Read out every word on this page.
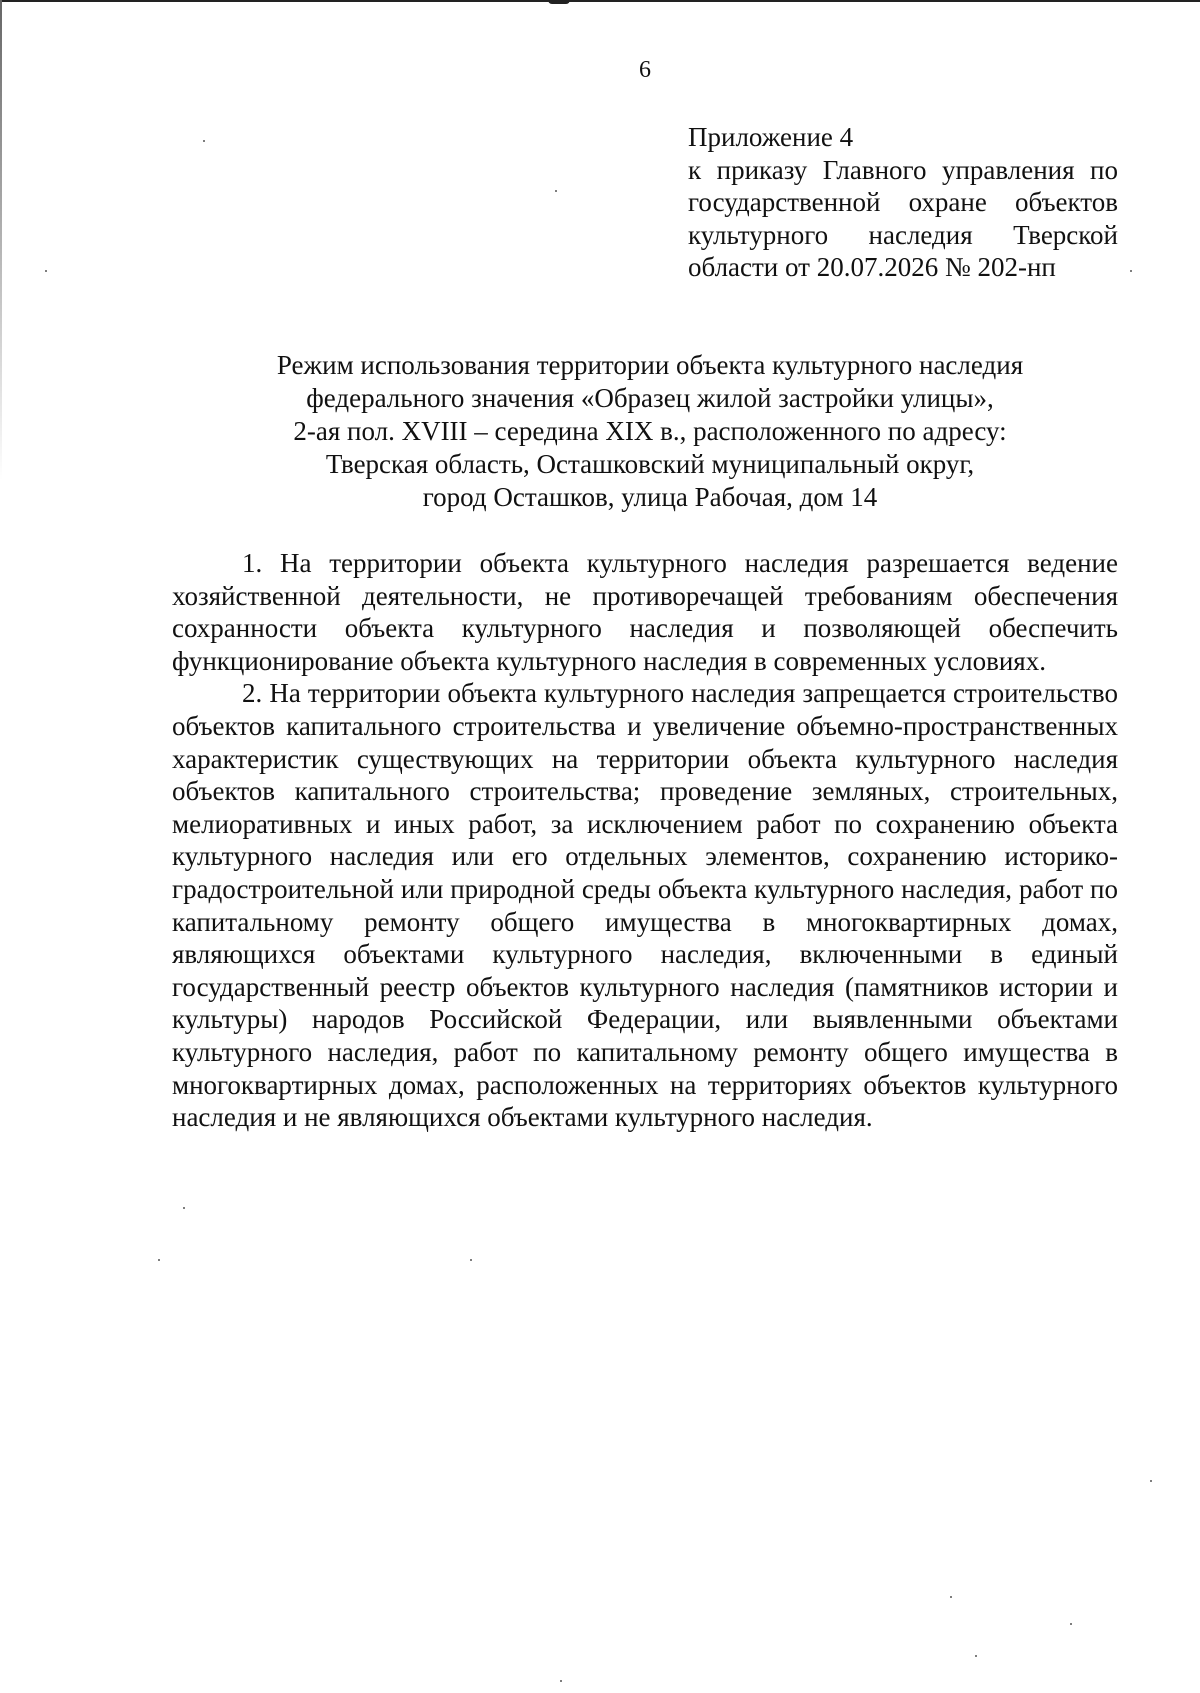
6
Приложение 4
к приказу Главного управления по
государственной охране объектов
культурного наследия Тверской
области от 20.07.2026 № 202-нп
Режим использования территории объекта культурного наследия
федерального значения «Образец жилой застройки улицы»,
2-ая пол. XVIII – середина XIX в., расположенного по адресу:
Тверская область, Осташковский муниципальный округ,
город Осташков, улица Рабочая, дом 14

1. На территории объекта культурного наследия разрешается ведение хозяйственной деятельности, не противоречащей требованиям обеспечения сохранности объекта культурного наследия и позволяющей обеспечить функционирование объекта культурного наследия в современных условиях.

2. На территории объекта культурного наследия запрещается строительство объектов капитального строительства и увеличение объемно-пространственных характеристик существующих на территории объекта культурного наследия объектов капитального строительства; проведение земляных, строительных, мелиоративных и иных работ, за исключением работ по сохранению объекта культурного наследия или его отдельных элементов, сохранению историко-градостроительной или природной среды объекта культурного наследия, работ по капитальному ремонту общего имущества в многоквартирных домах, являющихся объектами культурного наследия, включенными в единый государственный реестр объектов культурного наследия (памятников истории и культуры) народов Российской Федерации, или выявленными объектами культурного наследия, работ по капитальному ремонту общего имущества в многоквартирных домах, расположенных на территориях объектов культурного наследия и не являющихся объектами культурного наследия.
